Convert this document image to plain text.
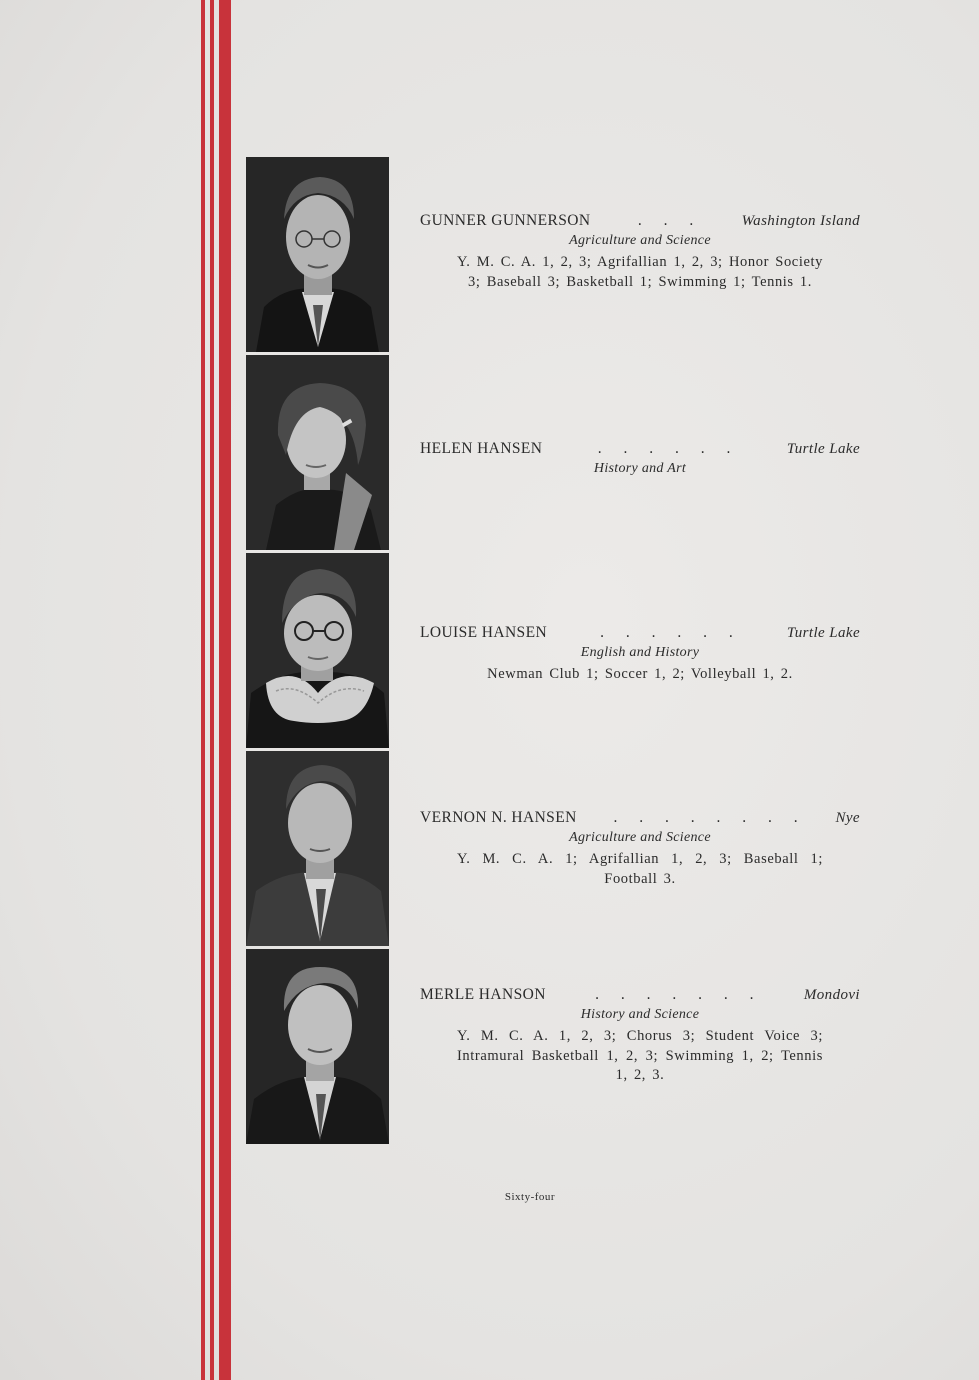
GUNNER GUNNERSON	. . .	Washington Island
Agriculture and Science
Y. M. C. A. 1, 2, 3; Agrifallian 1, 2, 3; Honor Society 3; Baseball 3; Basketball 1; Swimming 1; Tennis 1.
HELEN HANSEN	. . . . . .	Turtle Lake
History and Art
LOUISE HANSEN	. . . . . .	Turtle Lake
English and History
Newman Club 1; Soccer 1, 2; Volleyball 1, 2.
VERNON N. HANSEN	. . . . . . . .	Nye
Agriculture and Science
Y. M. C. A. 1; Agrifallian 1, 2, 3; Baseball 1; Football 3.
MERLE HANSON	. . . . . . .	Mondovi
History and Science
Y. M. C. A. 1, 2, 3; Chorus 3; Student Voice 3; Intramural Basketball 1, 2, 3; Swimming 1, 2; Tennis 1, 2, 3.
Sixty-four
